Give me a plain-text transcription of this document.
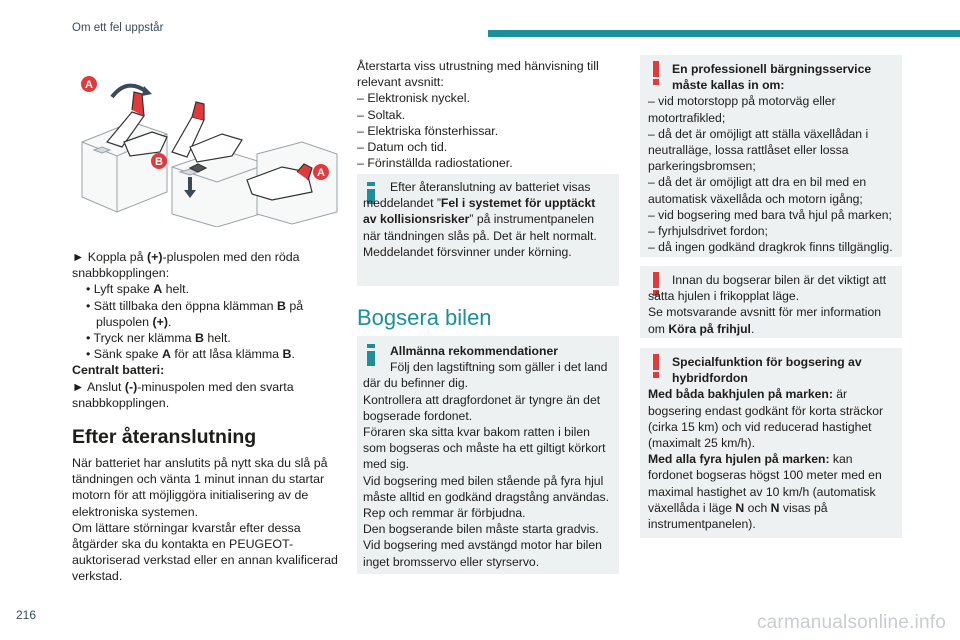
Om ett fel uppstår
216
A
B
A

► Koppla på (+)-pluspolen med den röda snabbkopplingen:

• Lyft spake A helt.

• Sätt tillbaka den öppna klämman B på

pluspolen (+).

• Tryck ner klämma B helt.

• Sänk spake A för att låsa klämma B.

Centralt batteri:

► Anslut (-)-minuspolen med den svarta snabbkopplingen.

Efter återanslutning

När batteriet har anslutits på nytt ska du slå på tändningen och vänta 1 minut innan du startar motorn för att möjliggöra initialisering av de elektroniska systemen.

Om lättare störningar kvarstår efter dessa åtgärder ska du kontakta en PEUGEOT-auktoriserad verkstad eller en annan kvalificerad verkstad.

Återstarta viss utrustning med hänvisning till relevant avsnitt:

– Elektronisk nyckel.

– Soltak.

– Elektriska fönsterhissar.

– Datum och tid.

– Förinställda radiostationer.

Efter återanslutning av batteriet visas meddelandet ”Fel i systemet för upptäckt av kollisionsrisker” på instrumentpanelen när tändningen slås på. Det är helt normalt. Meddelandet försvinner under körning.

Bogsera bilen

Allmänna rekommendationer

Följ den lagstiftning som gäller i det land där du befinner dig.

Kontrollera att dragfordonet är tyngre än det bogserade fordonet.

Föraren ska sitta kvar bakom ratten i bilen som bogseras och måste ha ett giltigt körkort med sig.

Vid bogsering med bilen stående på fyra hjul måste alltid en godkänd dragstång användas. Rep och remmar är förbjudna.

Den bogserande bilen måste starta gradvis.

Vid bogsering med avstängd motor har bilen inget bromsservo eller styrservo.

En professionell bärgningsservice måste kallas in om:

– vid motorstopp på motorväg eller motortrafikled;

– då det är omöjligt att ställa växellådan i neutralläge, lossa rattlåset eller lossa parkeringsbromsen;

– då det är omöjligt att dra en bil med en automatisk växellåda och motorn igång;

– vid bogsering med bara två hjul på marken;

– fyrhjulsdrivet fordon;

– då ingen godkänd dragkrok finns tillgänglig.

Innan du bogserar bilen är det viktigt att sätta hjulen i frikopplat läge.

Se motsvarande avsnitt för mer information om Köra på frihjul.

Specialfunktion för bogsering av hybridfordon

Med båda bakhjulen på marken: är bogsering endast godkänt för korta sträckor (cirka 15 km) och vid reducerad hastighet (maximalt 25 km/h).

Med alla fyra hjulen på marken: kan fordonet bogseras högst 100 meter med en maximal hastighet av 10 km/h (automatisk växellåda i läge N och N visas på instrumentpanelen).

carmanualsonline.info
